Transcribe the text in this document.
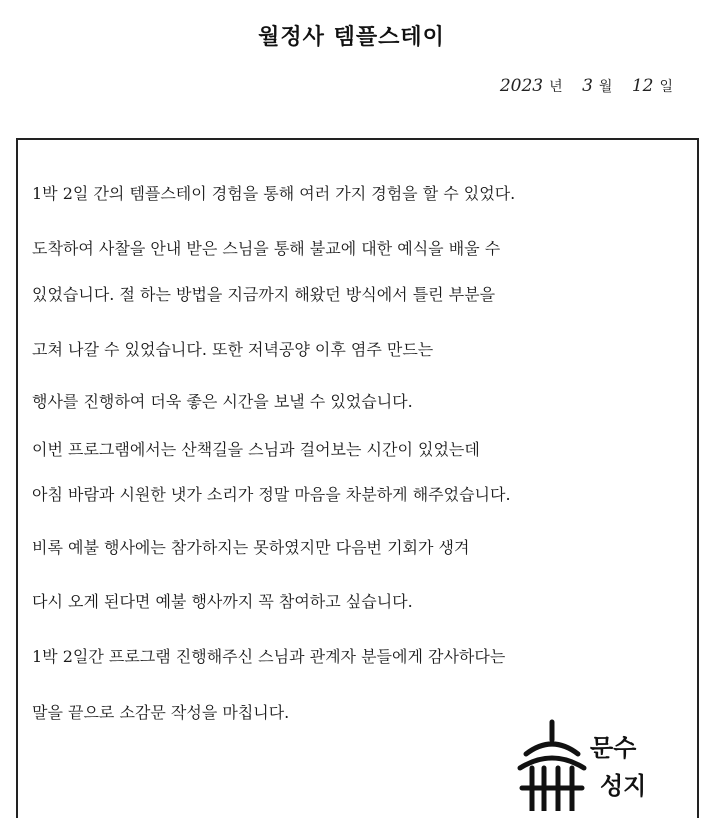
월정사 템플스테이
2023 년 3 월 12 일
1박 2일 간의 템플스테이 경험을 통해 여러 가지 경험을 할 수 있었다.
도착하여 사찰을 안내 받은 스님을 통해 불교에 대한 예식을 배울 수
있었습니다. 절 하는 방법을 지금까지 해왔던 방식에서 틀린 부분을
고쳐 나갈 수 있었습니다. 또한 저녁공양 이후 염주 만드는
행사를 진행하여 더욱 좋은 시간을 보낼 수 있었습니다.
이번 프로그램에서는 산책길을 스님과 걸어보는 시간이 있었는데
아침 바람과 시원한 냇가 소리가 정말 마음을 차분하게 해주었습니다.
비록 예불 행사에는 참가하지는 못하였지만 다음번 기회가 생겨
다시 오게 된다면 예불 행사까지 꼭 참여하고 싶습니다.
1박 2일간 프로그램 진행해주신 스님과 관계자 분들에게 감사하다는
말을 끝으로 소감문 작성을 마칩니다.
문수
성지
